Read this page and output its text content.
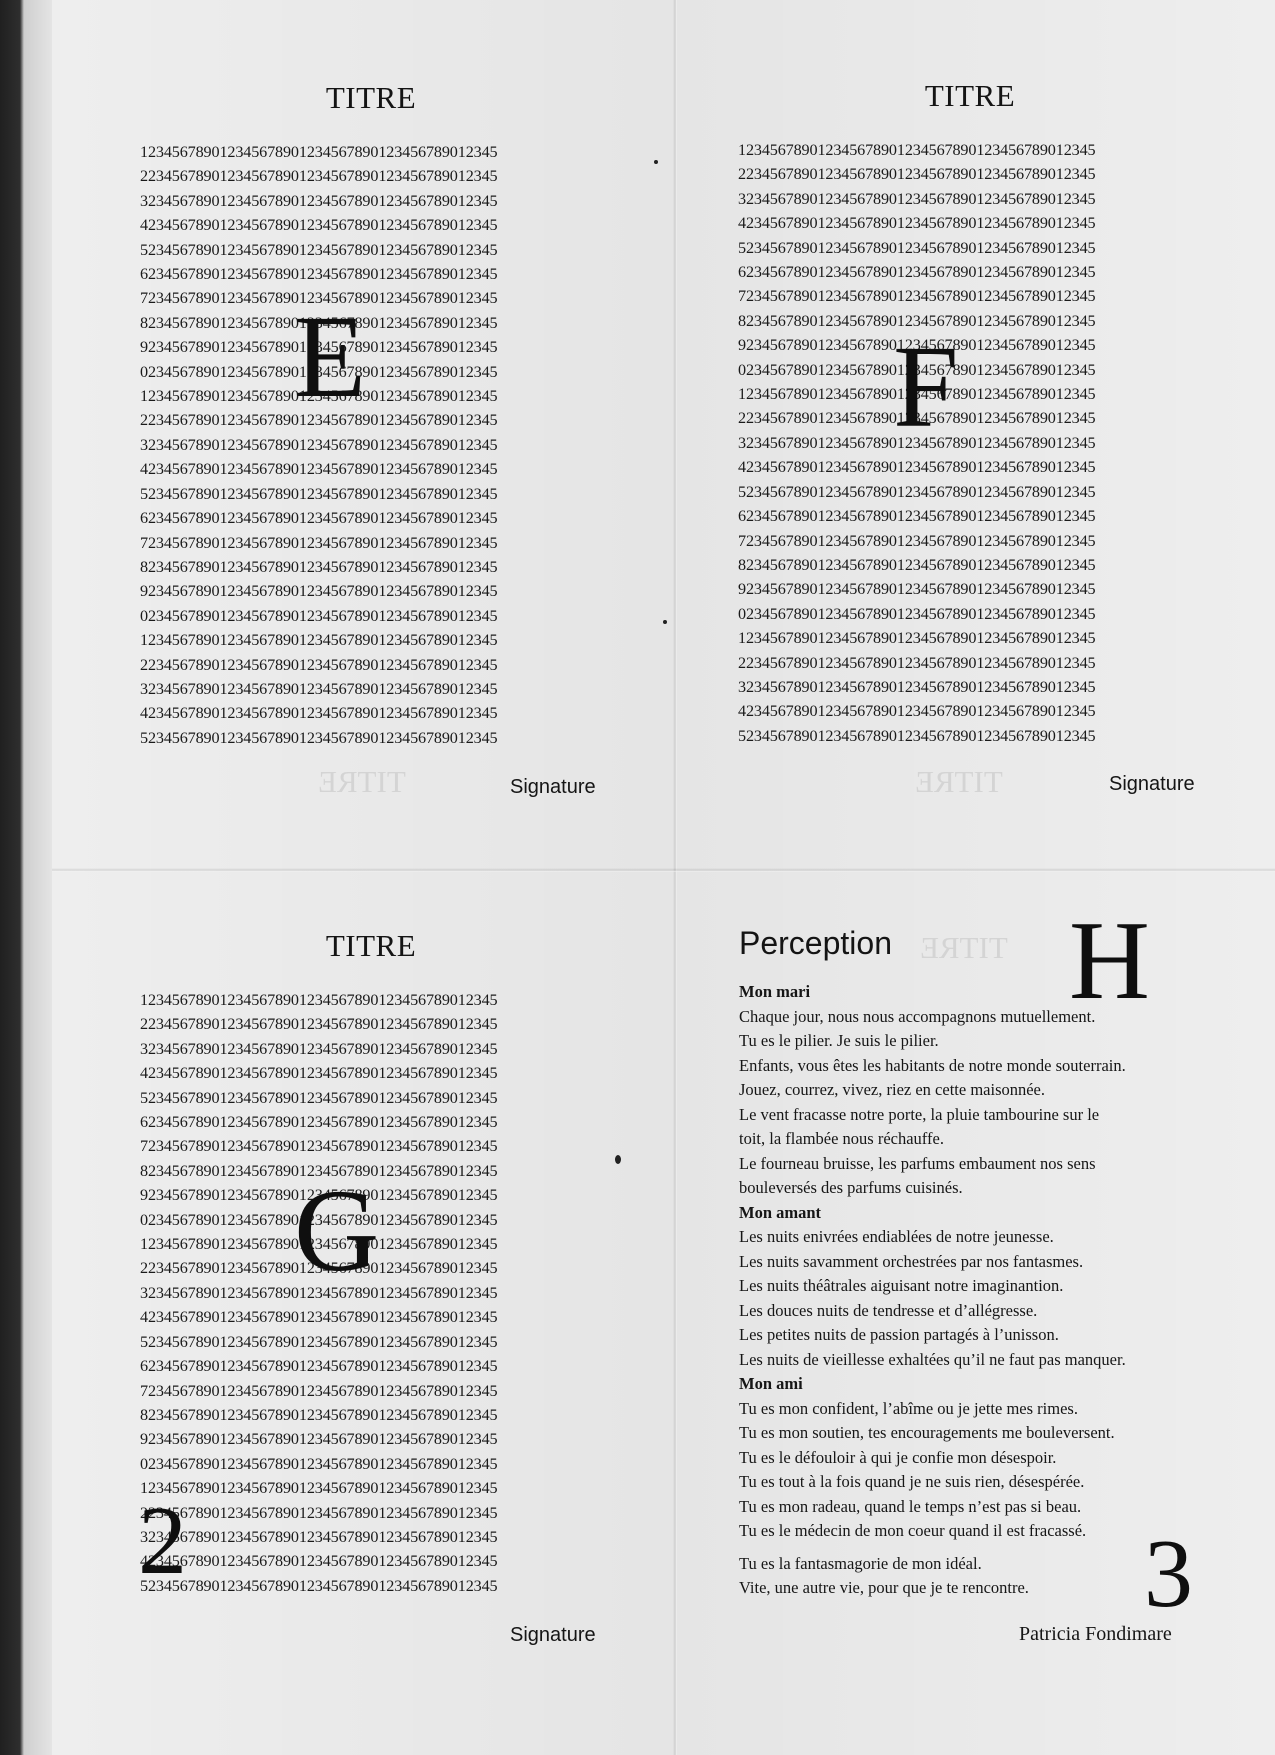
TITRE	TITRE
TITRE
TITRE
123456789012345678901234567890123456789012345
223456789012345678901234567890123456789012345
323456789012345678901234567890123456789012345
423456789012345678901234567890123456789012345
523456789012345678901234567890123456789012345
623456789012345678901234567890123456789012345
723456789012345678901234567890123456789012345
823456789012345678901234567890123456789012345
923456789012345678901234567890123456789012345
023456789012345678901234567890123456789012345
123456789012345678901234567890123456789012345
223456789012345678901234567890123456789012345
323456789012345678901234567890123456789012345
423456789012345678901234567890123456789012345
523456789012345678901234567890123456789012345
623456789012345678901234567890123456789012345
723456789012345678901234567890123456789012345
823456789012345678901234567890123456789012345
923456789012345678901234567890123456789012345
023456789012345678901234567890123456789012345
123456789012345678901234567890123456789012345
223456789012345678901234567890123456789012345
323456789012345678901234567890123456789012345
423456789012345678901234567890123456789012345
523456789012345678901234567890123456789012345
E
Signature
TITRE
123456789012345678901234567890123456789012345
223456789012345678901234567890123456789012345
323456789012345678901234567890123456789012345
423456789012345678901234567890123456789012345
523456789012345678901234567890123456789012345
623456789012345678901234567890123456789012345
723456789012345678901234567890123456789012345
823456789012345678901234567890123456789012345
923456789012345678901234567890123456789012345
023456789012345678901234567890123456789012345
123456789012345678901234567890123456789012345
223456789012345678901234567890123456789012345
323456789012345678901234567890123456789012345
423456789012345678901234567890123456789012345
523456789012345678901234567890123456789012345
623456789012345678901234567890123456789012345
723456789012345678901234567890123456789012345
823456789012345678901234567890123456789012345
923456789012345678901234567890123456789012345
023456789012345678901234567890123456789012345
123456789012345678901234567890123456789012345
223456789012345678901234567890123456789012345
323456789012345678901234567890123456789012345
423456789012345678901234567890123456789012345
523456789012345678901234567890123456789012345
F
Signature
TITRE
123456789012345678901234567890123456789012345
223456789012345678901234567890123456789012345
323456789012345678901234567890123456789012345
423456789012345678901234567890123456789012345
523456789012345678901234567890123456789012345
623456789012345678901234567890123456789012345
723456789012345678901234567890123456789012345
823456789012345678901234567890123456789012345
923456789012345678901234567890123456789012345
023456789012345678901234567890123456789012345
123456789012345678901234567890123456789012345
223456789012345678901234567890123456789012345
323456789012345678901234567890123456789012345
423456789012345678901234567890123456789012345
523456789012345678901234567890123456789012345
623456789012345678901234567890123456789012345
723456789012345678901234567890123456789012345
823456789012345678901234567890123456789012345
923456789012345678901234567890123456789012345
023456789012345678901234567890123456789012345
123456789012345678901234567890123456789012345
223456789012345678901234567890123456789012345
323456789012345678901234567890123456789012345
423456789012345678901234567890123456789012345
523456789012345678901234567890123456789012345
G
2
Signature
Perception H
Mon mari
Chaque jour, nous nous accompagnons mutuellement.
Tu es le pilier. Je suis le pilier.
Enfants, vous êtes les habitants de notre monde souterrain.
Jouez, courrez, vivez, riez en cette maisonnée.
Le vent fracasse notre porte, la pluie tambourine sur le
toit, la flambée nous réchauffe.
Le fourneau bruisse, les parfums embaument nos sens
bouleversés des parfums cuisinés.
Mon amant
Les nuits enivrées endiablées de notre jeunesse.
Les nuits savamment orchestrées par nos fantasmes.
Les nuits théâtrales aiguisant notre imaginantion.
Les douces nuits de tendresse et d’allégresse.
Les petites nuits de passion partagés à l’unisson.
Les nuits de vieillesse exhaltées qu’il ne faut pas manquer.
Mon ami
Tu es mon confident, l’abîme ou je jette mes rimes.
Tu es mon soutien, tes encouragements me bouleversent.
Tu es le défouloir à qui je confie mon désespoir.
Tu es tout à la fois quand je ne suis rien, désespérée.
Tu es mon radeau, quand le temps n’est pas si beau.
Tu es le médecin de mon coeur quand il est fracassé.
Tu es la fantasmagorie de mon idéal.
Vite, une autre vie, pour que je te rencontre.	3
Patricia Fondimare
